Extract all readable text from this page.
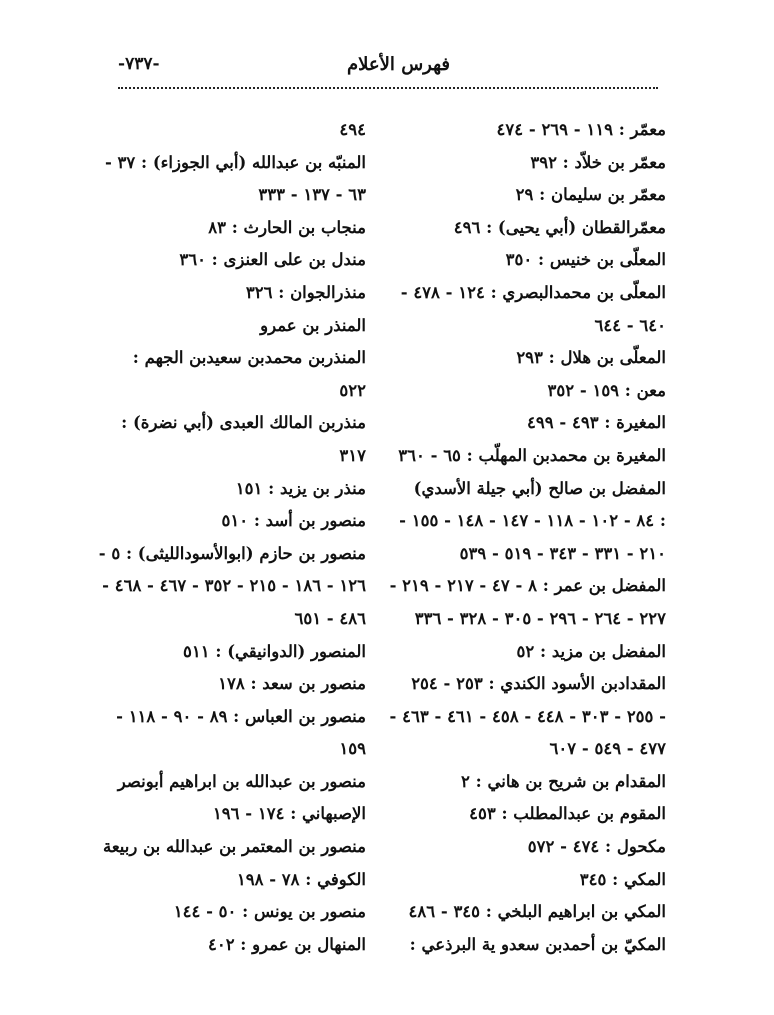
فهرس الأعلام
-٧٣٧-
معمّر : ١١٩ - ٢٦٩ - ٤٧٤
معمّر بن خلاّد : ٣٩٢
معمّر بن سليمان : ٢٩
معمّرالقطان (أبي يحيى) : ٤٩٦
المعلّى بن خنيس : ٣٥٠
المعلّى بن محمدالبصري : ١٢٤ - ٤٧٨ -
٦٤٠ - ٦٤٤
المعلّى بن هلال : ٢٩٣
معن : ١٥٩ - ٣٥٢
المغيرة : ٤٩٣ - ٤٩٩
المغيرة بن محمدبن المهلّب : ٦٥ - ٣٦٠
المفضل بن صالح (أبي جيلة الأسدي)
: ٨٤ - ١٠٢ - ١١٨ - ١٤٧ - ١٤٨ - ١٥٥ -
٢١٠ - ٣٣١ - ٣٤٣ - ٥١٩ - ٥٣٩
المفضل بن عمر : ٨ - ٤٧ - ٢١٧ - ٢١٩ -
٢٢٧ - ٢٦٤ - ٢٩٦ - ٣٠٥ - ٣٢٨ - ٣٣٦
المفضل بن مزيد : ٥٢
المقدادبن الأسود الكندي : ٢٥٣ - ٢٥٤
- ٢٥٥ - ٣٠٣ - ٤٤٨ - ٤٥٨ - ٤٦١ - ٤٦٣ -
٤٧٧ - ٥٤٩ - ٦٠٧
المقدام بن شريح بن هاني : ٢
المقوم بن عبدالمطلب : ٤٥٣
مكحول : ٤٧٤ - ٥٧٢
المكي : ٣٤٥
المكي بن ابراهيم البلخي : ٣٤٥ - ٤٨٦
المكيّ بن أحمدبن سعدو ية البرذعي :
٤٩٤
المنبّه بن عبدالله (أبي الجوزاء) : ٣٧ -
٦٣ - ١٣٧ - ٣٣٣
منجاب بن الحارث : ٨٣
مندل بن على العنزى : ٣٦٠
منذرالجوان : ٣٢٦
المنذر بن عمرو
المنذربن محمدبن سعيدبن الجهم :
٥٢٢
منذربن المالك العبدى (أبي نضرة) :
٣١٧
منذر بن يزيد : ١٥١
منصور بن أسد : ٥١٠
منصور بن حازم (ابوالأسودالليثى) : ٥ -
١٢٦ - ١٨٦ - ٢١٥ - ٣٥٢ - ٤٦٧ - ٤٦٨ -
٤٨٦ - ٦٥١
المنصور (الدوانيقي) : ٥١١
منصور بن سعد : ١٧٨
منصور بن العباس : ٨٩ - ٩٠ - ١١٨ -
١٥٩
منصور بن عبدالله بن ابراهيم أبونصر
الإصبهاني : ١٧٤ - ١٩٦
منصور بن المعتمر بن عبدالله بن ربيعة
الكوفي : ٧٨ - ١٩٨
منصور بن يونس : ٥٠ - ١٤٤
المنهال بن عمرو : ٤٠٢
